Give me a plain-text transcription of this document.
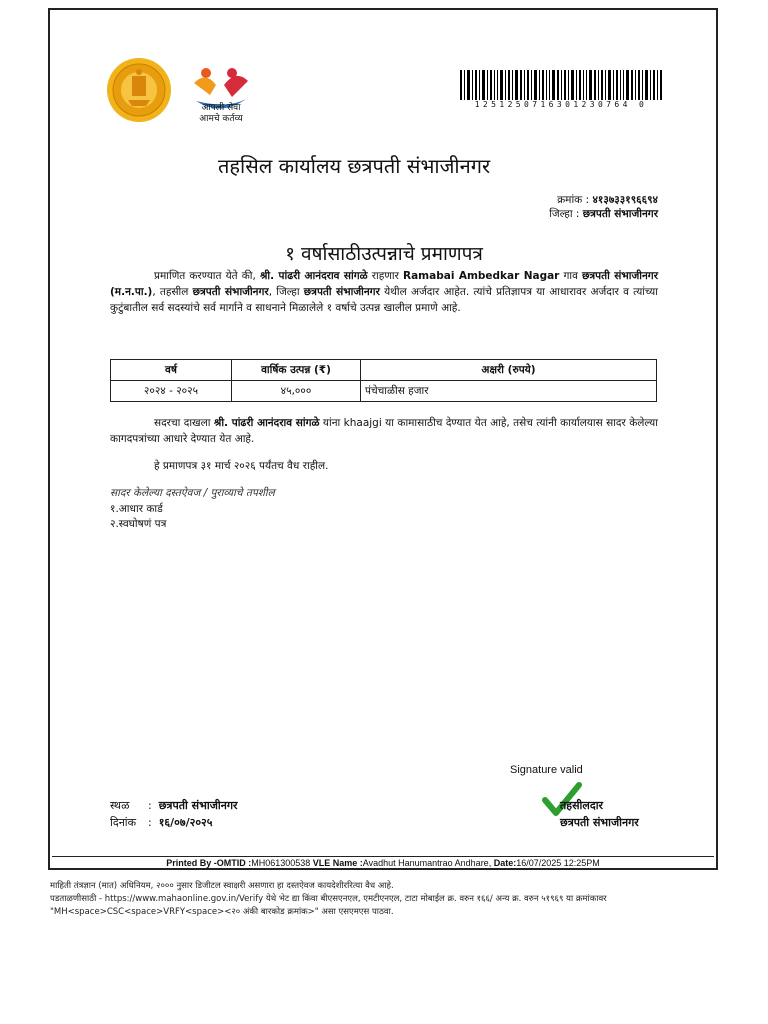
आपली सेवा
आमचे कर्तव्य
1251250716301230764 0
तहसिल कार्यालय छत्रपती संभाजीनगर
क्रमांक : ४१३७३३१९६६९४
जिल्हा : छत्रपती संभाजीनगर
१ वर्षासाठीउत्पन्नाचे प्रमाणपत्र
प्रमाणित करण्यात येते की, श्री. पांढरी आनंदराव सांगळे राहणार Ramabai Ambedkar Nagar गाव छत्रपती संभाजीनगर (म.न.पा.), तहसील छत्रपती संभाजीनगर, जिल्हा छत्रपती संभाजीनगर येथील अर्जदार आहेत. त्यांचे प्रतिज्ञापत्र या आधारावर अर्जदार व त्यांच्या कुटुंबातील सर्व सदस्यांचे सर्व मार्गाने व साधनाने मिळालेले १ वर्षाचे उत्पन्न खालील प्रमाणे आहे.
वर्ष	वार्षिक उत्पन्न (₹)	अक्षरी (रुपये)
२०२४ - २०२५	४५,०००	पंचेचाळीस हजार
सदरचा दाखला श्री. पांढरी आनंदराव सांगळे यांना khaajgi या कामासाठीच देण्यात येत आहे, तसेच त्यांनी कार्यालयास सादर केलेल्या कागदपत्रांच्या आधारे देण्यात येत आहे.
हे प्रमाणपत्र ३१ मार्च २०२६ पर्यंतच वैध राहील.
सादर केलेल्या दस्तऐवज / पुराव्याचे तपशील
१.आधार कार्ड
२.स्वघोषणं पत्र
Signature valid
तहसीलदार
छत्रपती संभाजीनगर
स्थळ :  छत्रपती संभाजीनगर
दिनांक :  १६/०७/२०२५
Printed By -OMTID :MH061300538 VLE Name :Avadhut Hanumantrao Andhare, Date:16/07/2025 12:25PM
माहिती तंत्रज्ञान (मात) अधिनियम, २००० नुसार डिजीटल स्वाक्षरी असणारा हा दस्तऐवज कायदेशीररित्या वैध आहे.
पडताळणीसाठी - https://www.mahaonline.gov.in/Verify येथे भेट द्या किंवा बीएसएनएल, एमटीएनएल, टाटा मोबाईल क्र. वरुन १६६/ अन्य क्र. वरुन ५१९६९ या क्रमांकावर
"MH<space>CSC<space>VRFY<space><२० अंकी बारकोड क्रमांक>" असा एसएमएस पाठवा.
